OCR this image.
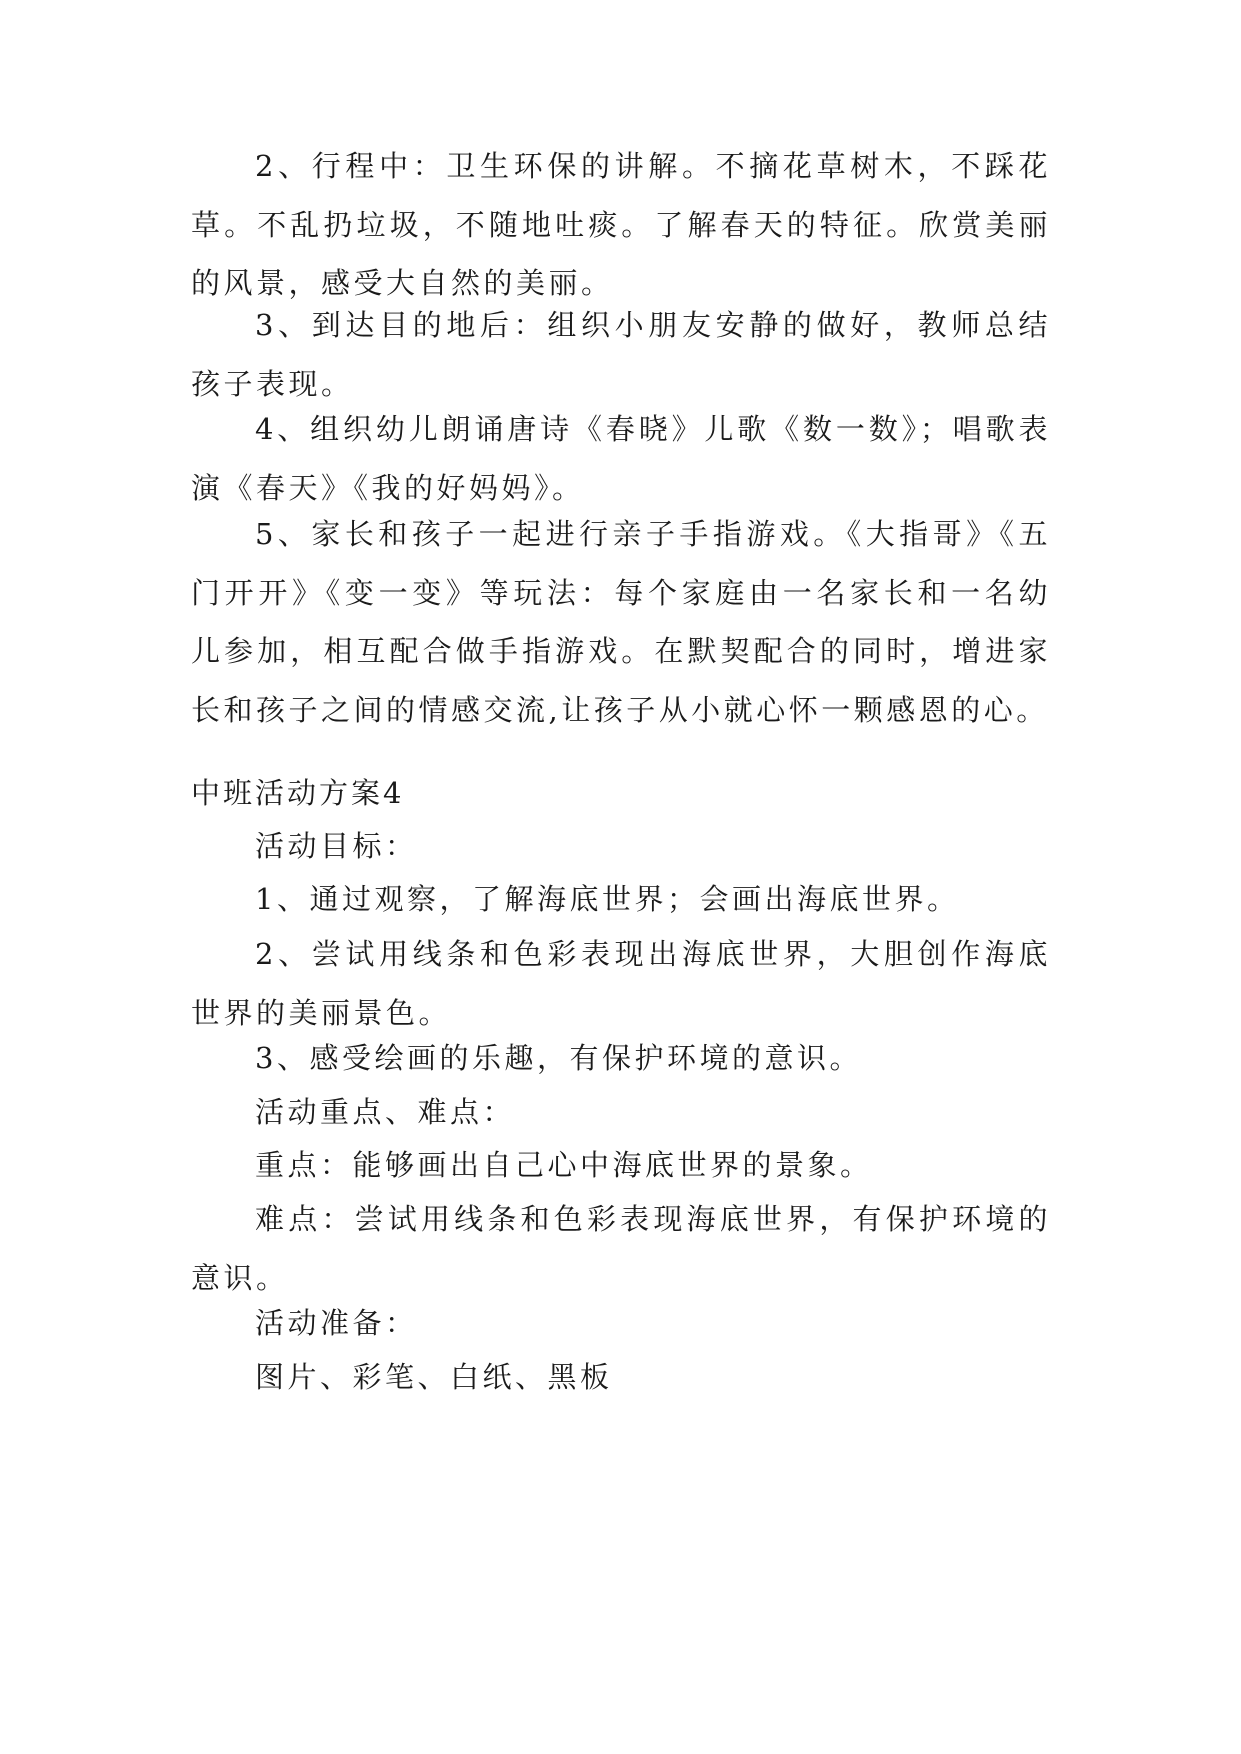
2、行程中：卫生环保的讲解。不摘花草树木，不踩花草。不乱扔垃圾，不随地吐痰。了解春天的特征。欣赏美丽的风景，感受大自然的美丽。

3、到达目的地后：组织小朋友安静的做好，教师总结孩子表现。

4、组织幼儿朗诵唐诗《春晓》儿歌《数一数》；唱歌表演《春天》《我的好妈妈》。

5、家长和孩子一起进行亲子手指游戏。《大指哥》《五门开开》《变一变》等玩法：每个家庭由一名家长和一名幼儿参加，相互配合做手指游戏。在默契配合的同时，增进家长和孩子之间的情感交流,让孩子从小就心怀一颗感恩的心。

中班活动方案4

活动目标：

1、通过观察，了解海底世界；会画出海底世界。

2、尝试用线条和色彩表现出海底世界，大胆创作海底世界的美丽景色。

3、感受绘画的乐趣，有保护环境的意识。

活动重点、难点：

重点：能够画出自己心中海底世界的景象。

难点：尝试用线条和色彩表现海底世界，有保护环境的意识。

活动准备：

图片、彩笔、白纸、黑板
